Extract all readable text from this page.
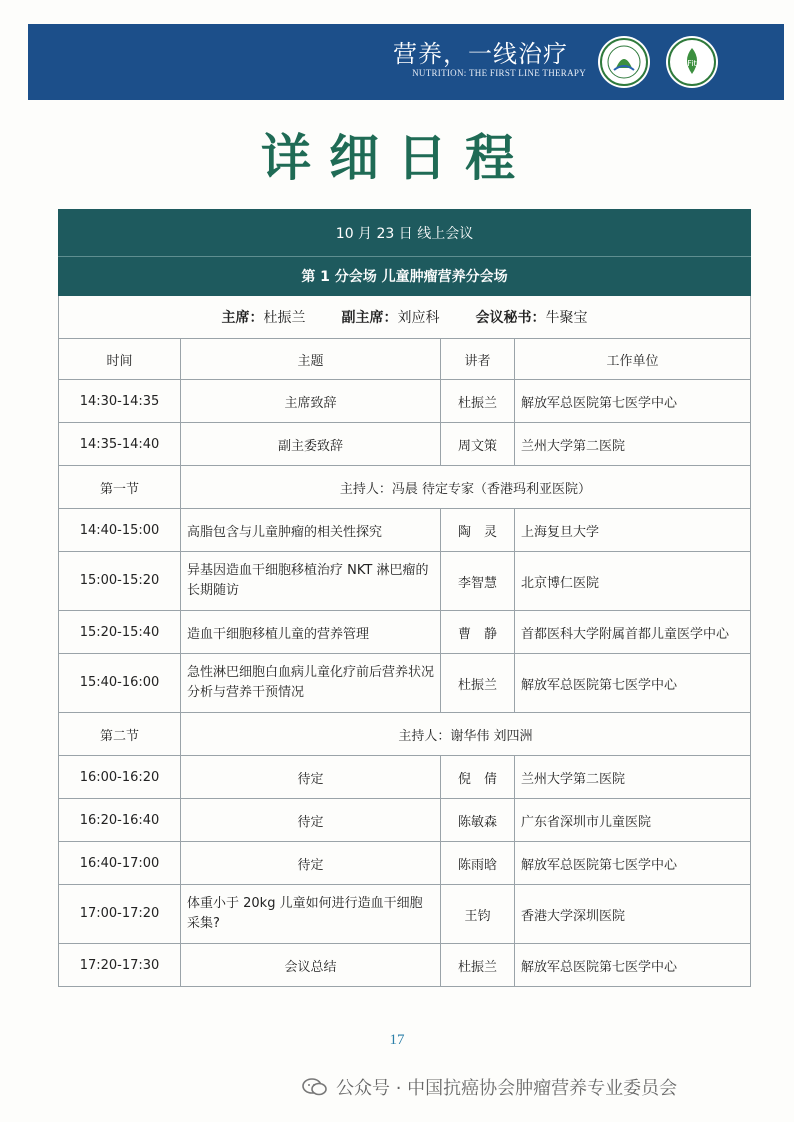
营养，一线治疗
NUTRITION: THE FIRST LINE THERAPY
Fit
详细日程
10 月 23 日 线上会议			
第 1 分会场 儿童肿瘤营养分会场			
主席：杜振兰 副主席：刘应科 会议秘书：牛聚宝			
时间	主题	讲者	工作单位
14:30-14:35	主席致辞	杜振兰	解放军总医院第七医学中心
14:35-14:40	副主委致辞	周文策	兰州大学第二医院
第一节	主持人：冯晨 待定专家（香港玛利亚医院）		
14:40-15:00	高脂包含与儿童肿瘤的相关性探究	陶　灵	上海复旦大学
15:00-15:20	异基因造血干细胞移植治疗 NKT 淋巴瘤的长期随访	李智慧	北京博仁医院
15:20-15:40	造血干细胞移植儿童的营养管理	曹　静	首都医科大学附属首都儿童医学中心
15:40-16:00	急性淋巴细胞白血病儿童化疗前后营养状况分析与营养干预情况	杜振兰	解放军总医院第七医学中心
第二节	主持人：谢华伟 刘四洲		
16:00-16:20	待定	倪　倩	兰州大学第二医院
16:20-16:40	待定	陈敏森	广东省深圳市儿童医院
16:40-17:00	待定	陈雨晗	解放军总医院第七医学中心
17:00-17:20	体重小于 20kg 儿童如何进行造血干细胞采集?	王钧	香港大学深圳医院
17:20-17:30	会议总结	杜振兰	解放军总医院第七医学中心
17
公众号 · 中国抗癌协会肿瘤营养专业委员会
